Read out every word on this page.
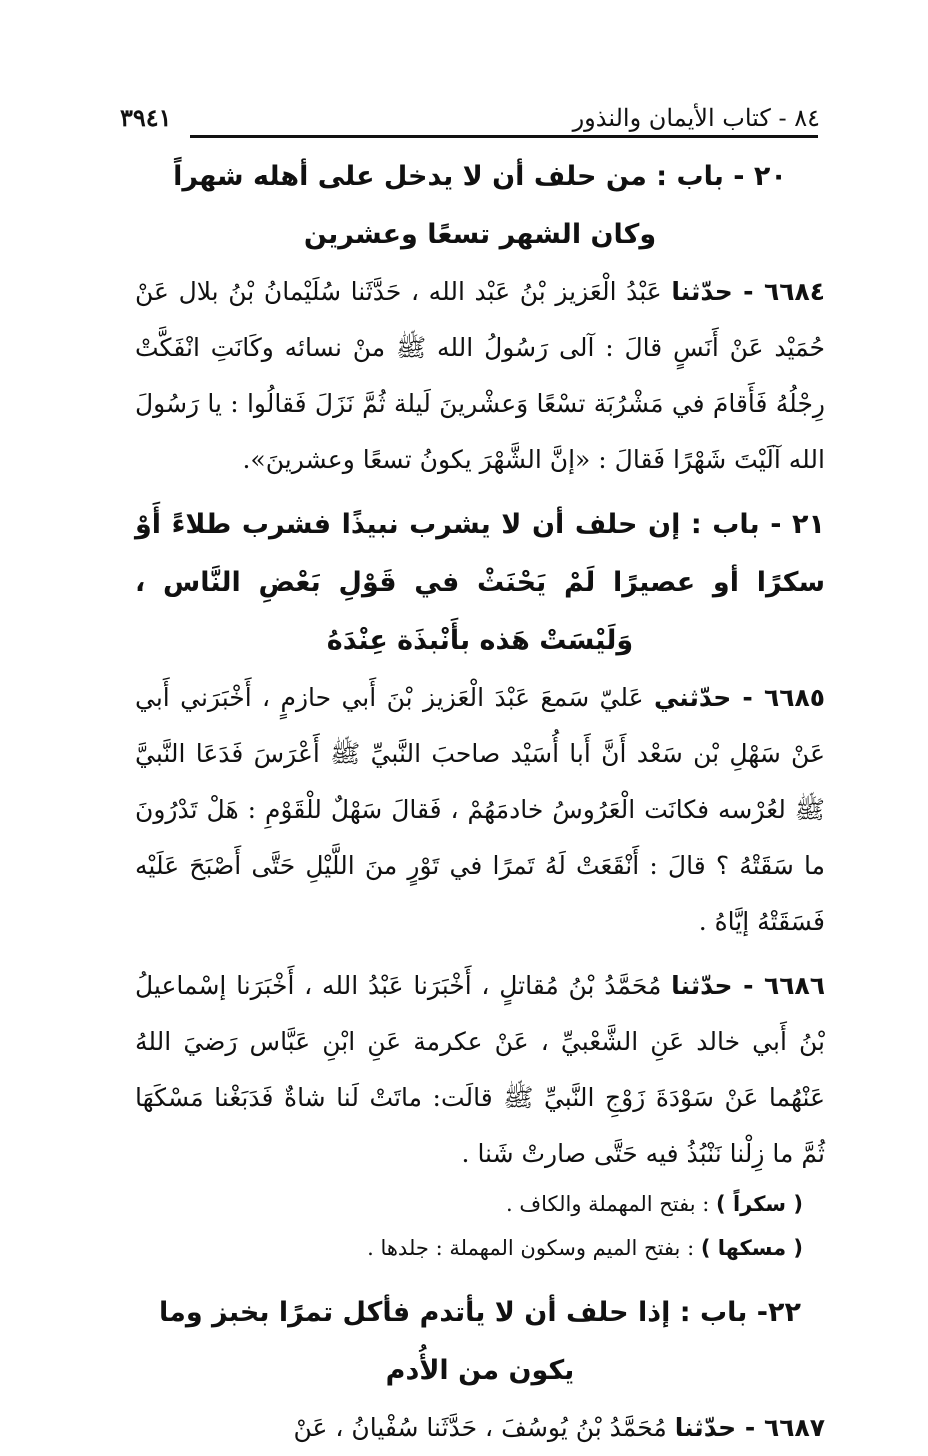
٨٤ - كتاب الأيمان والنذور
٣٩٤١
٢٠ - باب : من حلف أن لا يدخل على أهله شهراً
وكان الشهر تسعًا وعشرين

٦٦٨٤ - حدّثنا عَبْدُ الْعَزيز بْنُ عَبْد الله ، حَدَّثَنا سُلَيْمانُ بْنُ بلال عَنْ حُمَيْد عَنْ أَنَسٍ قالَ : آلى رَسُولُ الله ﷺ منْ نسائه وكَانَتِ انْفَكَّتْ رِجْلُهُ فَأَقامَ في مَشْرُبَة تسْعًا وَعشْرينَ لَيلة ثُمَّ نَزَلَ فَقالُوا : يا رَسُولَ الله آلَيْتَ شَهْرًا فَقالَ : «إنَّ الشَّهْرَ يكونُ تسعًا وعشرينَ».

٢١ - باب : إن حلف أن لا يشرب نبيذًا فشرب طلاءً أَوْ سكرًا أو عصيرًا لَمْ يَحْنَثْ في قَوْلِ بَعْضِ النَّاس ، وَلَيْسَتْ هَذه بأَنْبذَة عِنْدَهُ

٦٦٨٥ - حدّثني عَليّ سَمعَ عَبْدَ الْعَزيز بْنَ أَبي حازمٍ ، أَخْبَرَني أَبي عَنْ سَهْلِ بْن سَعْد أَنَّ أَبا أُسَيْد صاحبَ النَّبيِّ ﷺ أَعْرَسَ فَدَعَا النَّبيَّ ﷺ لعُرْسه فكانَت الْعَرُوسُ خادمَهُمْ ، فَقالَ سَهْلٌ للْقَوْمِ : هَلْ تَدْرُونَ ما سَقَتْهُ ؟ قالَ : أَنْقَعَتْ لَهُ تَمرًا في تَوْرٍ منَ اللَّيْلِ حَتَّى أَصْبَحَ عَلَيْه فَسَقَتْهُ إيَّاهُ .

٦٦٨٦ - حدّثنا مُحَمَّدُ بْنُ مُقاتلٍ ، أَخْبَرَنا عَبْدُ الله ، أَخْبَرَنا إسْماعيلُ بْنُ أَبي خالد عَنِ الشَّعْبيِّ ، عَنْ عكرمة عَنِ ابْنِ عَبَّاس رَضيَ اللهُ عَنْهُما عَنْ سَوْدَةَ زَوْجِ النَّبيِّ ﷺ قالَت: ماتَتْ لَنا شاةٌ فَدَبَغْنا مَسْكَهَا ثُمَّ ما زِلْنا نَنْبُذُ فيه حَتَّى صارتْ شَنا .

( سكراً ) : بفتح المهملة والكاف .

( مسكها ) : بفتح الميم وسكون المهملة : جلدها .

٢٢- باب : إذا حلف أن لا يأتدم فأكل تمرًا بخبز وما يكون من الأُدم

٦٦٨٧ - حدّثنا مُحَمَّدُ بْنُ يُوسُفَ ، حَدَّثَنا سُفْيانُ ، عَنْ
